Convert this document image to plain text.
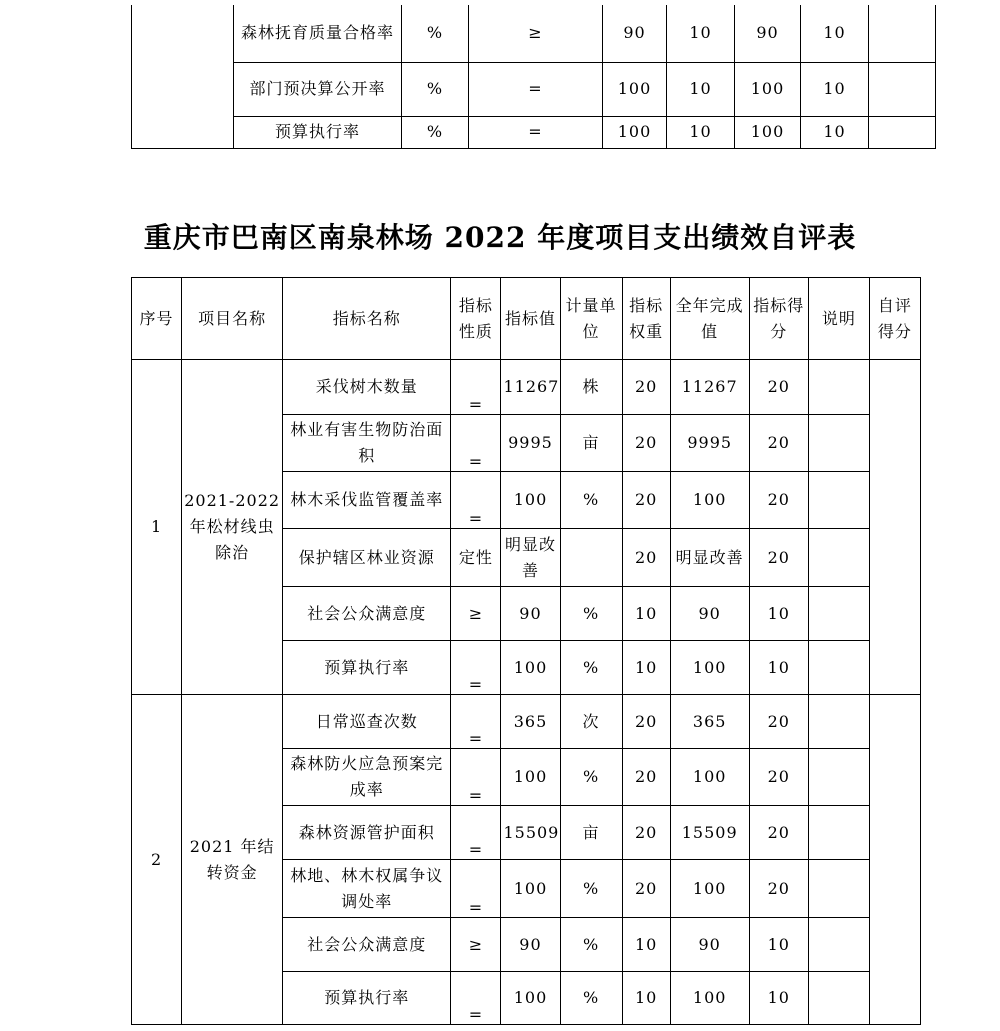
	森林抚育质量合格率	%	≥	90	10	90	10	
	部门预决算公开率	%	=	100	10	100	10	
	预算执行率	%	=	100	10	100	10	
重庆市巴南区南泉林场 2022 年度项目支出绩效自评表
序号	项目名称	指标名称	指标性质	指标值	计量单位	指标权重	全年完成值	指标得分	说明	自评得分
1	2021-2022 年松材线虫除治	采伐树木数量	=	11267	株	20	11267	20		
		林业有害生物防治面积	=	9995	亩	20	9995	20		
		林木采伐监管覆盖率	=	100	%	20	100	20		
		保护辖区林业资源	定性	明显改善		20	明显改善	20		
		社会公众满意度	≥	90	%	10	90	10		
		预算执行率	=	100	%	10	100	10		
2	2021 年结转资金	日常巡查次数	=	365	次	20	365	20		
		森林防火应急预案完成率	=	100	%	20	100	20		
		森林资源管护面积	=	15509	亩	20	15509	20		
		林地、林木权属争议调处率	=	100	%	20	100	20		
		社会公众满意度	≥	90	%	10	90	10		
		预算执行率	=	100	%	10	100	10		
